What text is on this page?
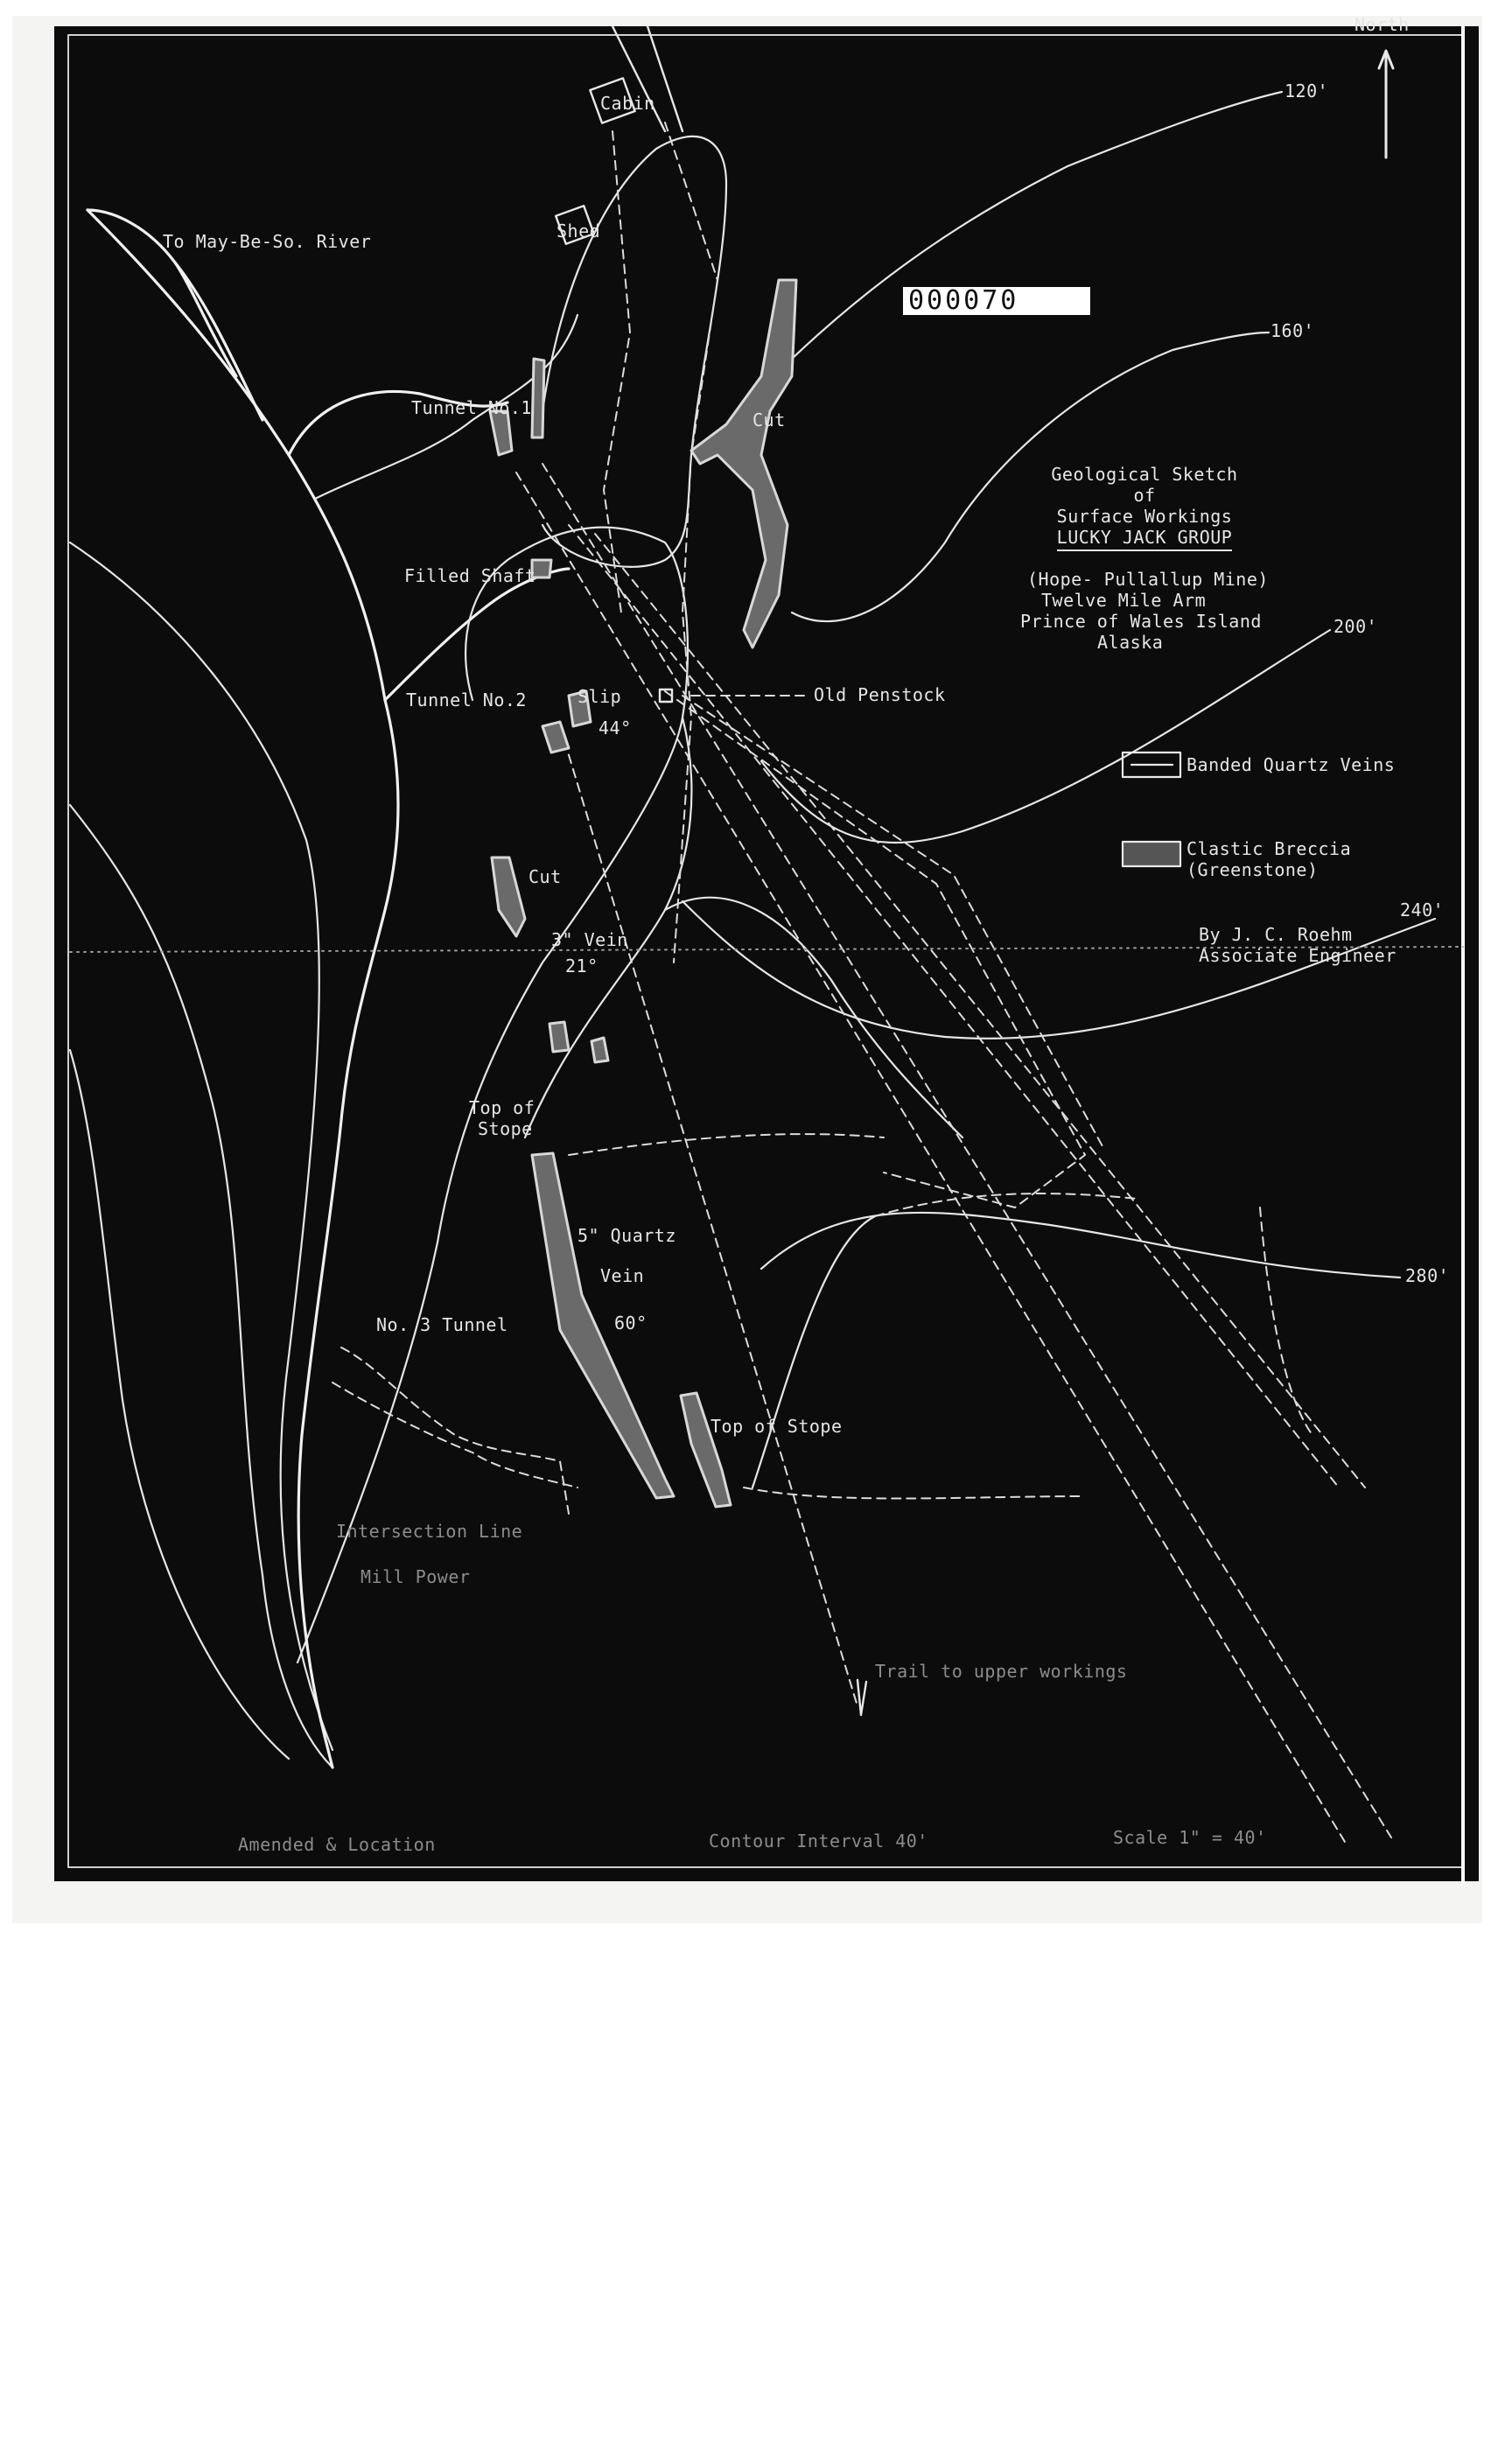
000070
North
Geological Sketch
of
Surface Workings
LUCKY JACK GROUP
(Hope- Pullallup Mine)
Twelve Mile Arm
Prince of Wales Island
Alaska
Banded Quartz Veins
Clastic Breccia
(Greenstone)
By J. C. Roehm
Associate Engineer
120'
160'
200'
240'
280'
Cabin
Shed
To May-Be-So. River
Tunnel No.1
Cut
Filled Shaft
Tunnel No.2	Slip
44°
Old Penstock
Cut
3" Vein
21°
Top of
Stope
5" Quartz
Vein
60°
No. 3 Tunnel
Top of Stope
Intersection Line
Mill Power
Trail to upper workings
Amended & Location	Contour Interval 40'	Scale 1" = 40'
